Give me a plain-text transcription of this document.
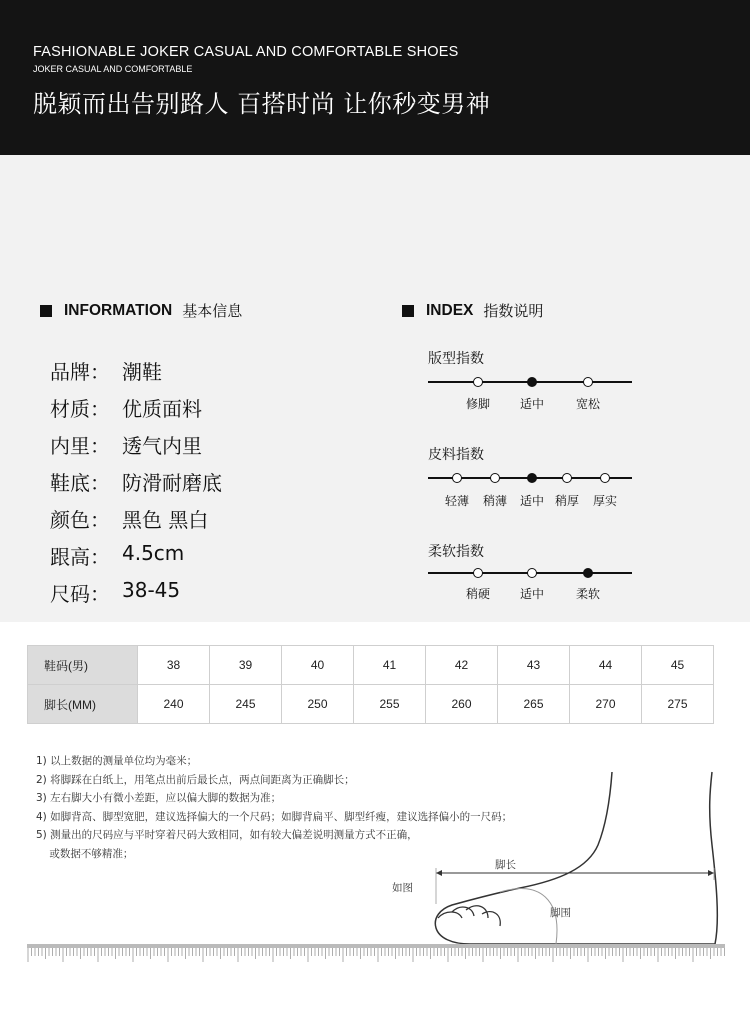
FASHIONABLE JOKER CASUAL AND COMFORTABLE SHOES
JOKER CASUAL AND COMFORTABLE
脱颖而出告别路人 百搭时尚 让你秒变男神
INFORMATION 基本信息
品牌： 潮鞋
材质： 优质面料
内里： 透气内里
鞋底： 防滑耐磨底
颜色： 黑色 黑白
跟高： 4.5cm
尺码： 38-45
INDEX 指数说明
版型指数
修脚	适中	宽松
皮料指数
轻薄	稍薄	适中 稍厚	厚实
柔软指数
稍硬	适中	柔软
鞋码(男)	38	39	40	41	42	43	44	45
脚长(MM)	240	245	250	255	260	265	270	275
1) 以上数据的测量单位均为毫米；
2) 将脚踩在白纸上，用笔点出前后最长点，两点间距离为正确脚长；
3) 左右脚大小有微小差距，应以偏大脚的数据为准；
4) 如脚背高、脚型宽肥，建议选择偏大的一个尺码；如脚背扁平、脚型纤瘦，建议选择偏小的一尺码；
5) 测量出的尺码应与平时穿着尺码大致相同，如有较大偏差说明测量方式不正确，
或数据不够精准；
脚长
如图
脚围
